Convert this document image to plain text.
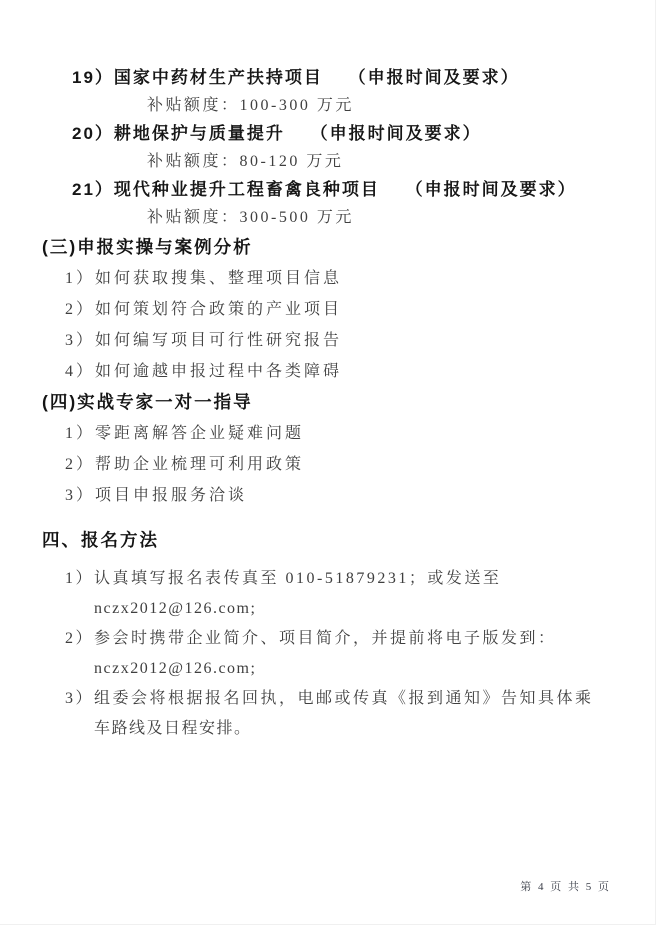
19）国家中药材生产扶持项目　 （申报时间及要求）
补贴额度：100-300 万元
20）耕地保护与质量提升　 （申报时间及要求）
补贴额度：80-120 万元
21）现代种业提升工程畜禽良种项目　 （申报时间及要求）
补贴额度：300-500 万元
(三)申报实操与案例分析
1）如何获取搜集、整理项目信息
2）如何策划符合政策的产业项目
3）如何编写项目可行性研究报告
4）如何逾越申报过程中各类障碍
(四)实战专家一对一指导
1）零距离解答企业疑难问题
2）帮助企业梳理可利用政策
3）项目申报服务洽谈
四、报名方法
1）认真填写报名表传真至 010-51879231；或发送至
nczx2012@126.com;
2）参会时携带企业简介、项目简介，并提前将电子版发到：
nczx2012@126.com;
3）组委会将根据报名回执，电邮或传真《报到通知》告知具体乘
车路线及日程安排。
第 4 页 共 5 页
